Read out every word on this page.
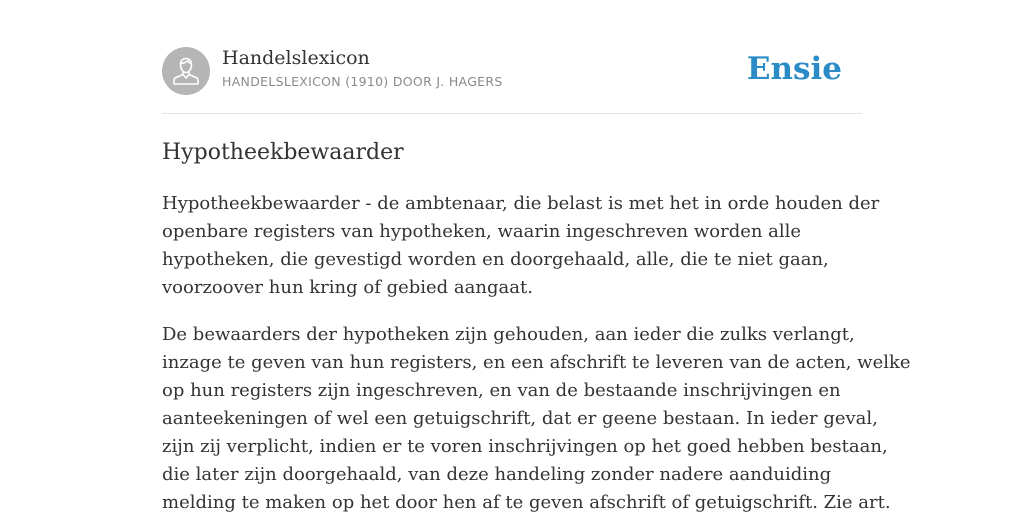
Handelslexicon
HANDELSLEXICON (1910) DOOR J. HAGERS	Ensie
Hypotheekbewaarder

Hypotheekbewaarder - de ambtenaar, die belast is met het in orde houden der
openbare registers van hypotheken, waarin ingeschreven worden alle
hypotheken, die gevestigd worden en doorgehaald, alle, die te niet gaan,
voorzoover hun kring of gebied aangaat.

De bewaarders der hypotheken zijn gehouden, aan ieder die zulks verlangt,
inzage te geven van hun registers, en een afschrift te leveren van de acten, welke
op hun registers zijn ingeschreven, en van de bestaande inschrijvingen en
aanteekeningen of wel een getuigschrift, dat er geene bestaan. In ieder geval,
zijn zij verplicht, indien er te voren inschrijvingen op het goed hebben bestaan,
die later zijn doorgehaald, van deze handeling zonder nadere aanduiding
melding te maken op het door hen af te geven afschrift of getuigschrift. Zie art.
